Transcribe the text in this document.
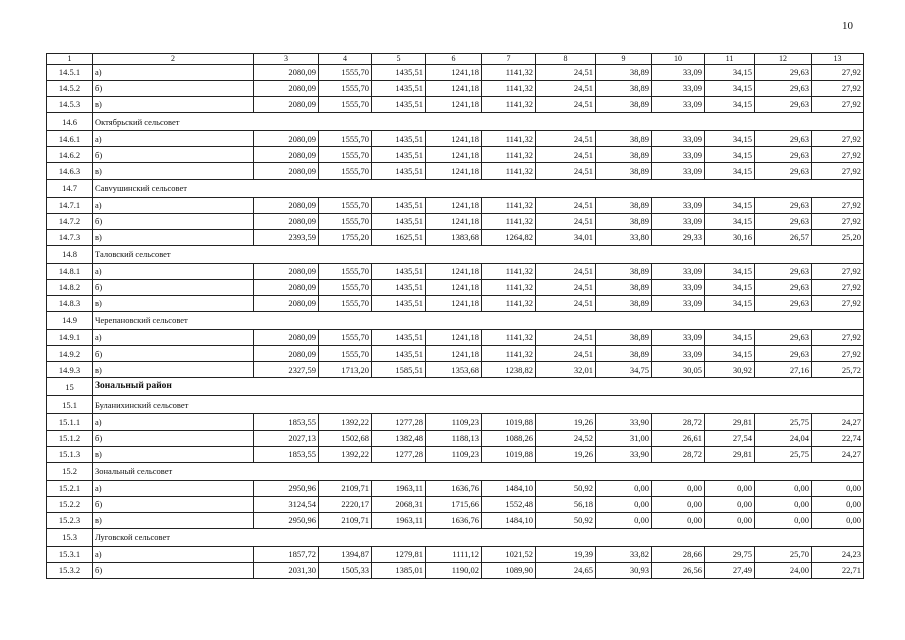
10
1	2	3	4	5	6	7	8	9	10	11	12	13
14.5.1	а)	2080,09	1555,70	1435,51	1241,18	1141,32	24,51	38,89	33,09	34,15	29,63	27,92
14.5.2	б)	2080,09	1555,70	1435,51	1241,18	1141,32	24,51	38,89	33,09	34,15	29,63	27,92
14.5.3	в)	2080,09	1555,70	1435,51	1241,18	1141,32	24,51	38,89	33,09	34,15	29,63	27,92
14.6	Октябрьский сельсовет											
14.6.1	а)	2080,09	1555,70	1435,51	1241,18	1141,32	24,51	38,89	33,09	34,15	29,63	27,92
14.6.2	б)	2080,09	1555,70	1435,51	1241,18	1141,32	24,51	38,89	33,09	34,15	29,63	27,92
14.6.3	в)	2080,09	1555,70	1435,51	1241,18	1141,32	24,51	38,89	33,09	34,15	29,63	27,92
14.7	Савvушинский сельсовет											
14.7.1	а)	2080,09	1555,70	1435,51	1241,18	1141,32	24,51	38,89	33,09	34,15	29,63	27,92
14.7.2	б)	2080,09	1555,70	1435,51	1241,18	1141,32	24,51	38,89	33,09	34,15	29,63	27,92
14.7.3	в)	2393,59	1755,20	1625,51	1383,68	1264,82	34,01	33,80	29,33	30,16	26,57	25,20
14.8	Таловский сельсовет											
14.8.1	а)	2080,09	1555,70	1435,51	1241,18	1141,32	24,51	38,89	33,09	34,15	29,63	27,92
14.8.2	б)	2080,09	1555,70	1435,51	1241,18	1141,32	24,51	38,89	33,09	34,15	29,63	27,92
14.8.3	в)	2080,09	1555,70	1435,51	1241,18	1141,32	24,51	38,89	33,09	34,15	29,63	27,92
14.9	Черепановский сельсовет											
14.9.1	а)	2080,09	1555,70	1435,51	1241,18	1141,32	24,51	38,89	33,09	34,15	29,63	27,92
14.9.2	б)	2080,09	1555,70	1435,51	1241,18	1141,32	24,51	38,89	33,09	34,15	29,63	27,92
14.9.3	в)	2327,59	1713,20	1585,51	1353,68	1238,82	32,01	34,75	30,05	30,92	27,16	25,72
15	Зональный район											
15.1	Буланихинский сельсовет											
15.1.1	а)	1853,55	1392,22	1277,28	1109,23	1019,88	19,26	33,90	28,72	29,81	25,75	24,27
15.1.2	б)	2027,13	1502,68	1382,48	1188,13	1088,26	24,52	31,00	26,61	27,54	24,04	22,74
15.1.3	в)	1853,55	1392,22	1277,28	1109,23	1019,88	19,26	33,90	28,72	29,81	25,75	24,27
15.2	Зональный сельсовет											
15.2.1	а)	2950,96	2109,71	1963,11	1636,76	1484,10	50,92	0,00	0,00	0,00	0,00	0,00
15.2.2	б)	3124,54	2220,17	2068,31	1715,66	1552,48	56,18	0,00	0,00	0,00	0,00	0,00
15.2.3	в)	2950,96	2109,71	1963,11	1636,76	1484,10	50,92	0,00	0,00	0,00	0,00	0,00
15.3	Луговской сельсовет											
15.3.1	а)	1857,72	1394,87	1279,81	1111,12	1021,52	19,39	33,82	28,66	29,75	25,70	24,23
15.3.2	б)	2031,30	1505,33	1385,01	1190,02	1089,90	24,65	30,93	26,56	27,49	24,00	22,71
